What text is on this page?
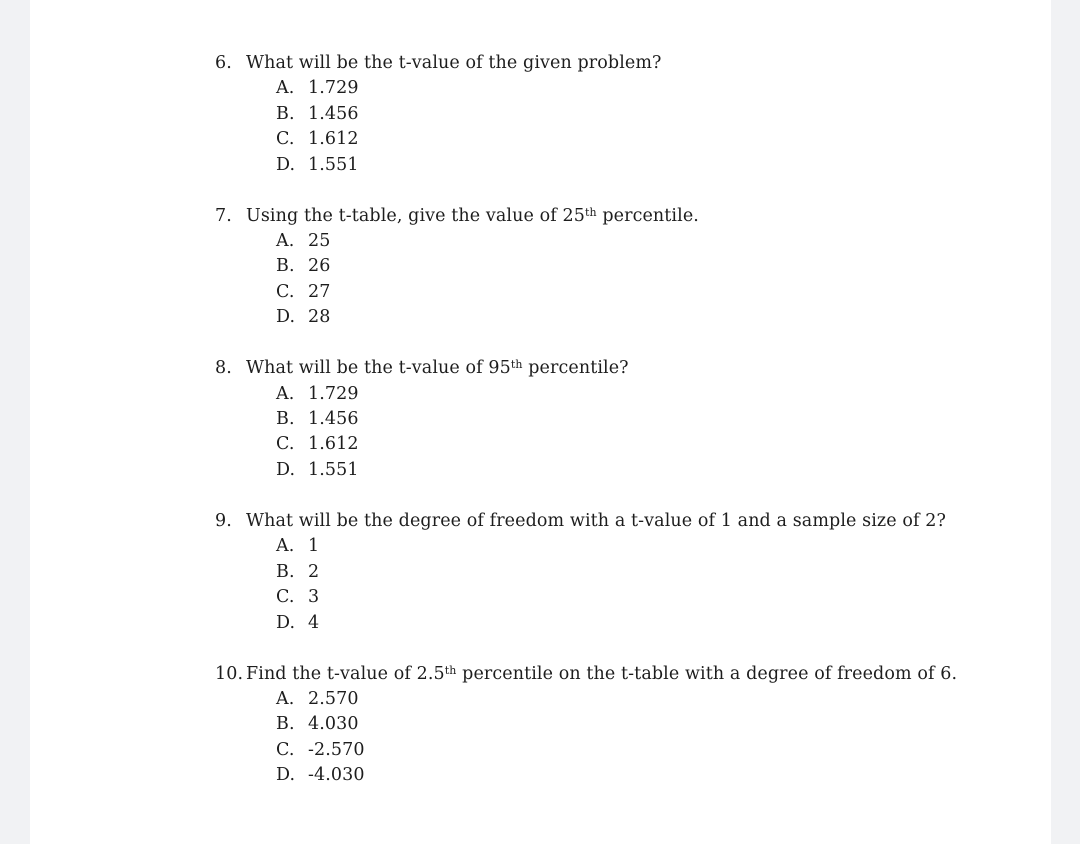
6. What will be the t-value of the given problem?
A. 1.729
B. 1.456
C. 1.612
D. 1.551
7. Using the t-table, give the value of 25th percentile.
A. 25
B. 26
C. 27
D. 28
8. What will be the t-value of 95th percentile?
A. 1.729
B. 1.456
C. 1.612
D. 1.551
9. What will be the degree of freedom with a t-value of 1 and a sample size of 2?
A. 1
B. 2
C. 3
D. 4
10. Find the t-value of 2.5th percentile on the t-table with a degree of freedom of 6.
A. 2.570
B. 4.030
C. -2.570
D. -4.030
